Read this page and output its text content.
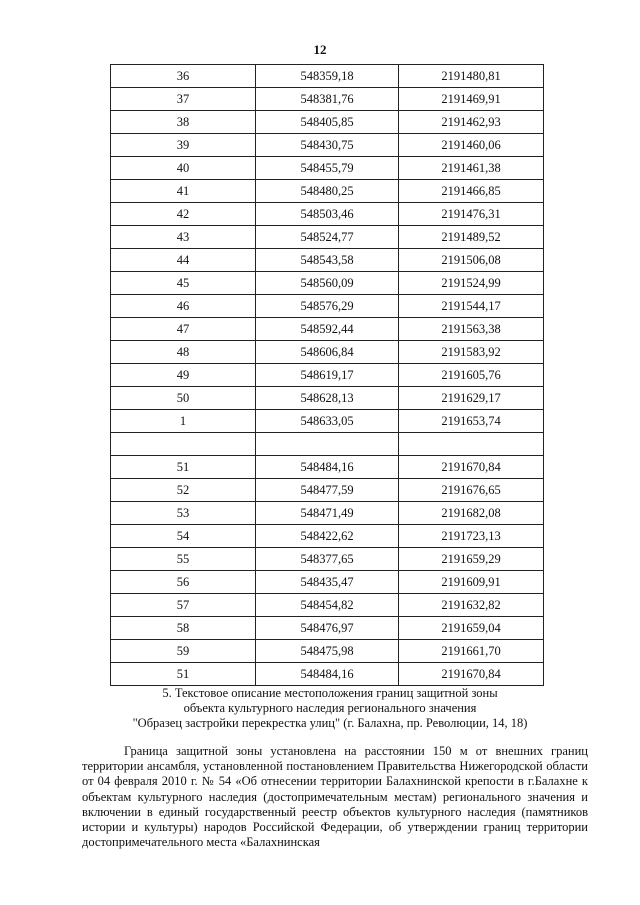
12
36	548359,18	2191480,81
37	548381,76	2191469,91
38	548405,85	2191462,93
39	548430,75	2191460,06
40	548455,79	2191461,38
41	548480,25	2191466,85
42	548503,46	2191476,31
43	548524,77	2191489,52
44	548543,58	2191506,08
45	548560,09	2191524,99
46	548576,29	2191544,17
47	548592,44	2191563,38
48	548606,84	2191583,92
49	548619,17	2191605,76
50	548628,13	2191629,17
1	548633,05	2191653,74

51	548484,16	2191670,84
52	548477,59	2191676,65
53	548471,49	2191682,08
54	548422,62	2191723,13
55	548377,65	2191659,29
56	548435,47	2191609,91
57	548454,82	2191632,82
58	548476,97	2191659,04
59	548475,98	2191661,70
51	548484,16	2191670,84
5. Текстовое описание местоположения границ защитной зоны
объекта культурного наследия регионального значения
"Образец застройки перекрестка улиц" (г. Балахна, пр. Революции, 14, 18)
Граница защитной зоны установлена на расстоянии 150 м от внешних границ территории ансамбля, установленной постановлением Правительства Нижегородской области от 04 февраля 2010 г. № 54 «Об отнесении территории Балахнинской крепости в г.Балахне к объектам культурного наследия (достопримечательным местам) регионального значения и включении в единый государственный реестр объектов культурного наследия (памятников истории и культуры) народов Российской Федерации, об утверждении границ территории достопримечательного места «Балахнинская
